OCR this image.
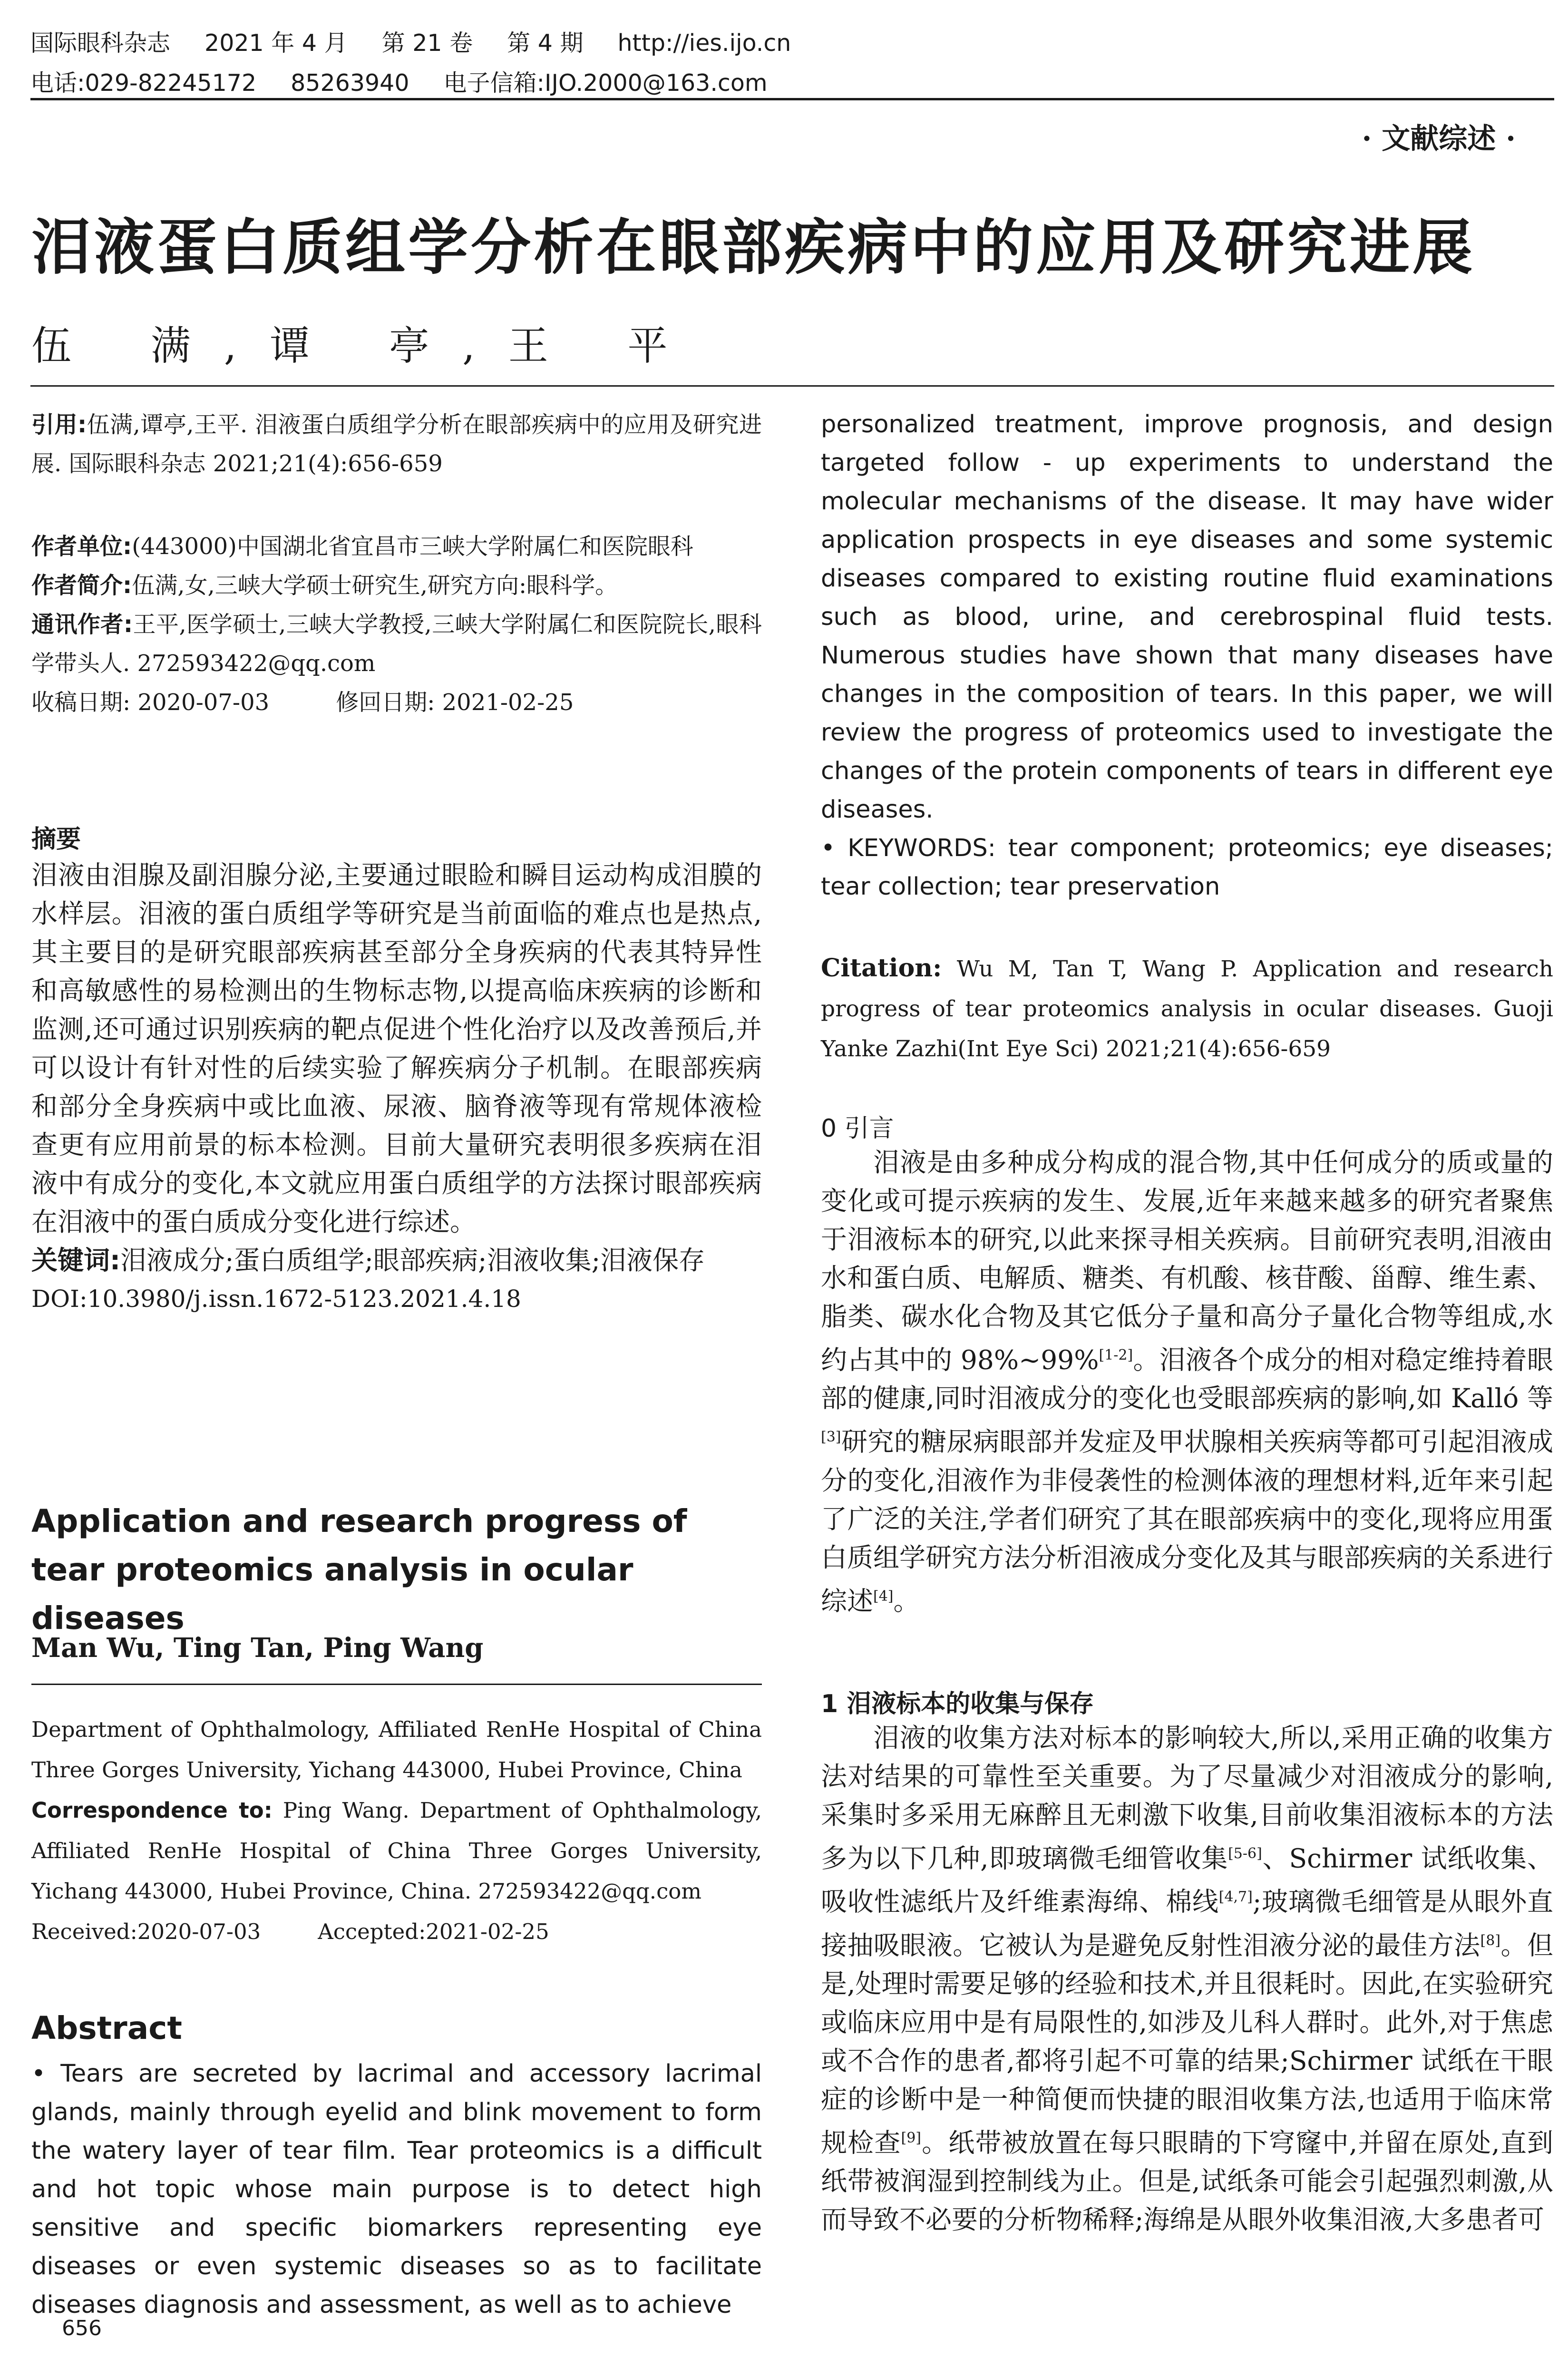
国际眼科杂志 2021 年 4 月 第 21 卷 第 4 期 http://ies.ijo.cn
电话:029-82245172 85263940 电子信箱:IJO.2000@163.com
· 文献综述 ·
泪液蛋白质组学分析在眼部疾病中的应用及研究进展
伍 满,谭 亭,王 平
引用:伍满,谭亭,王平. 泪液蛋白质组学分析在眼部疾病中的应用及研究进展. 国际眼科杂志 2021;21(4):656-659
作者单位:(443000)中国湖北省宜昌市三峡大学附属仁和医院眼科
作者简介:伍满,女,三峡大学硕士研究生,研究方向:眼科学。
通讯作者:王平,医学硕士,三峡大学教授,三峡大学附属仁和医院院长,眼科学带头人. 272593422@qq.com
收稿日期: 2020-07-03	修回日期: 2021-02-25
摘要
泪液由泪腺及副泪腺分泌,主要通过眼睑和瞬目运动构成泪膜的水样层。泪液的蛋白质组学等研究是当前面临的难点也是热点,其主要目的是研究眼部疾病甚至部分全身疾病的代表其特异性和高敏感性的易检测出的生物标志物,以提高临床疾病的诊断和监测,还可通过识别疾病的靶点促进个性化治疗以及改善预后,并可以设计有针对性的后续实验了解疾病分子机制。在眼部疾病和部分全身疾病中或比血液、尿液、脑脊液等现有常规体液检查更有应用前景的标本检测。目前大量研究表明很多疾病在泪液中有成分的变化,本文就应用蛋白质组学的方法探讨眼部疾病在泪液中的蛋白质成分变化进行综述。
关键词:泪液成分;蛋白质组学;眼部疾病;泪液收集;泪液保存
DOI:10.3980/j.issn.1672-5123.2021.4.18
Application and research progress of tear proteomics analysis in ocular diseases
Man Wu, Ting Tan, Ping Wang
Department of Ophthalmology, Affiliated RenHe Hospital of China Three Gorges University, Yichang 443000, Hubei Province, China
Correspondence to: Ping Wang. Department of Ophthalmology, Affiliated RenHe Hospital of China Three Gorges University, Yichang 443000, Hubei Province, China. 272593422@qq.com
Received:2020-07-03	Accepted:2021-02-25
Abstract
• Tears are secreted by lacrimal and accessory lacrimal glands, mainly through eyelid and blink movement to form the watery layer of tear film. Tear proteomics is a difficult and hot topic whose main purpose is to detect high sensitive and specific biomarkers representing eye diseases or even systemic diseases so as to facilitate diseases diagnosis and assessment, as well as to achieve
personalized treatment, improve prognosis, and design targeted follow - up experiments to understand the molecular mechanisms of the disease. It may have wider application prospects in eye diseases and some systemic diseases compared to existing routine fluid examinations such as blood, urine, and cerebrospinal fluid tests. Numerous studies have shown that many diseases have changes in the composition of tears. In this paper, we will review the progress of proteomics used to investigate the changes of the protein components of tears in different eye diseases.
• KEYWORDS: tear component; proteomics; eye diseases; tear collection; tear preservation
Citation: Wu M, Tan T, Wang P. Application and research progress of tear proteomics analysis in ocular diseases. Guoji Yanke Zazhi(Int Eye Sci) 2021;21(4):656-659
0 引言

泪液是由多种成分构成的混合物,其中任何成分的质或量的变化或可提示疾病的发生、发展,近年来越来越多的研究者聚焦于泪液标本的研究,以此来探寻相关疾病。目前研究表明,泪液由水和蛋白质、电解质、糖类、有机酸、核苷酸、甾醇、维生素、脂类、碳水化合物及其它低分子量和高分子量化合物等组成,水约占其中的 98%~99%[1-2]。泪液各个成分的相对稳定维持着眼部的健康,同时泪液成分的变化也受眼部疾病的影响,如 Kalló 等[3]研究的糖尿病眼部并发症及甲状腺相关疾病等都可引起泪液成分的变化,泪液作为非侵袭性的检测体液的理想材料,近年来引起了广泛的关注,学者们研究了其在眼部疾病中的变化,现将应用蛋白质组学研究方法分析泪液成分变化及其与眼部疾病的关系进行综述[4]。

1 泪液标本的收集与保存

泪液的收集方法对标本的影响较大,所以,采用正确的收集方法对结果的可靠性至关重要。为了尽量减少对泪液成分的影响,采集时多采用无麻醉且无刺激下收集,目前收集泪液标本的方法多为以下几种,即玻璃微毛细管收集[5-6]、Schirmer 试纸收集、吸收性滤纸片及纤维素海绵、棉线[4,7];玻璃微毛细管是从眼外直接抽吸眼液。它被认为是避免反射性泪液分泌的最佳方法[8]。但是,处理时需要足够的经验和技术,并且很耗时。因此,在实验研究或临床应用中是有局限性的,如涉及儿科人群时。此外,对于焦虑或不合作的患者,都将引起不可靠的结果;Schirmer 试纸在干眼症的诊断中是一种简便而快捷的眼泪收集方法,也适用于临床常规检查[9]。纸带被放置在每只眼睛的下穹窿中,并留在原处,直到纸带被润湿到控制线为止。但是,试纸条可能会引起强烈刺激,从而导致不必要的分析物稀释;海绵是从眼外收集泪液,大多患者可

656
